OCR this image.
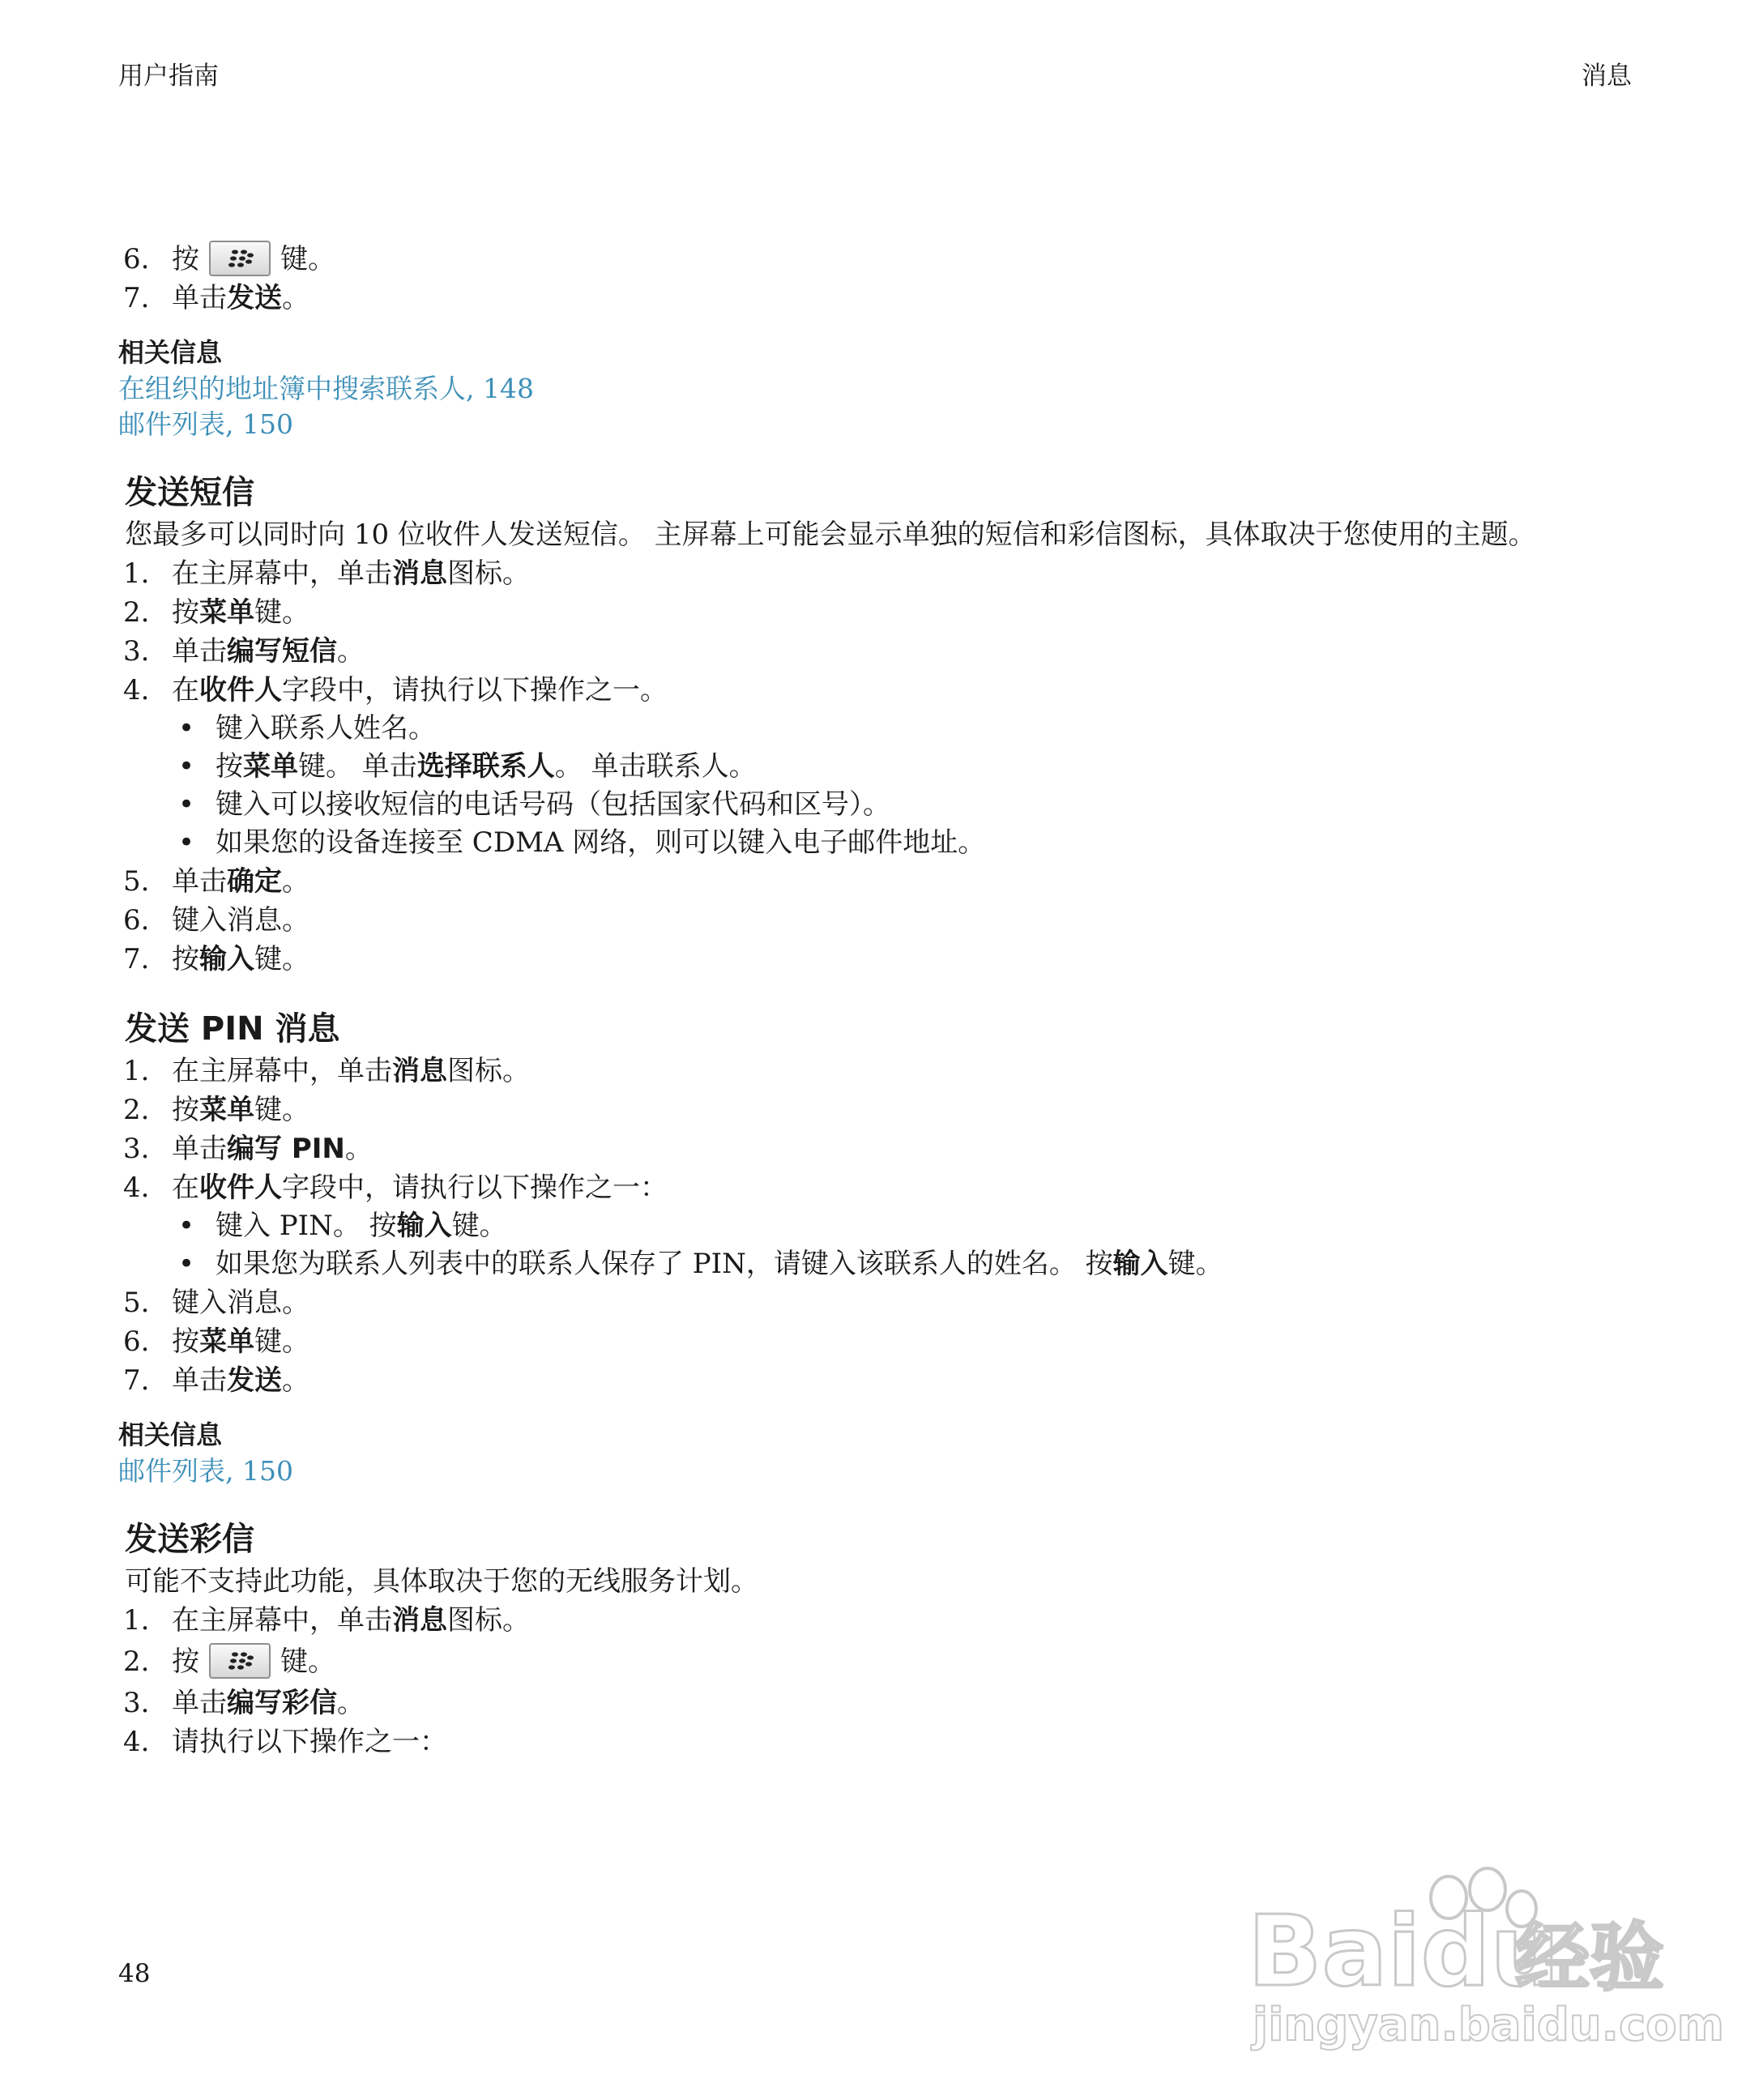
用户指南	消息
6. 按	键。
7. 单击发送。
相关信息
在组织的地址簿中搜索联系人, 148
邮件列表, 150
发送短信
您最多可以同时向 10 位收件人发送短信。 主屏幕上可能会显示单独的短信和彩信图标，具体取决于您使用的主题。
1. 在主屏幕中，单击消息图标。
2. 按菜单键。
3. 单击编写短信。
4. 在收件人字段中，请执行以下操作之一。
• 键入联系人姓名。
• 按菜单键。 单击选择联系人。 单击联系人。
• 键入可以接收短信的电话号码（包括国家代码和区号）。
• 如果您的设备连接至 CDMA 网络，则可以键入电子邮件地址。
5. 单击确定。
6. 键入消息。
7. 按输入键。
发送 PIN 消息
1. 在主屏幕中，单击消息图标。
2. 按菜单键。
3. 单击编写 PIN。
4. 在收件人字段中，请执行以下操作之一：
• 键入 PIN。 按输入键。
• 如果您为联系人列表中的联系人保存了 PIN，请键入该联系人的姓名。 按输入键。
5. 键入消息。
6. 按菜单键。
7. 单击发送。
相关信息
邮件列表, 150
发送彩信
可能不支持此功能，具体取决于您的无线服务计划。
1. 在主屏幕中，单击消息图标。
2. 按	键。
3. 单击编写彩信。
4. 请执行以下操作之一：
48	Baidu
经验
jingyan.baidu.com
